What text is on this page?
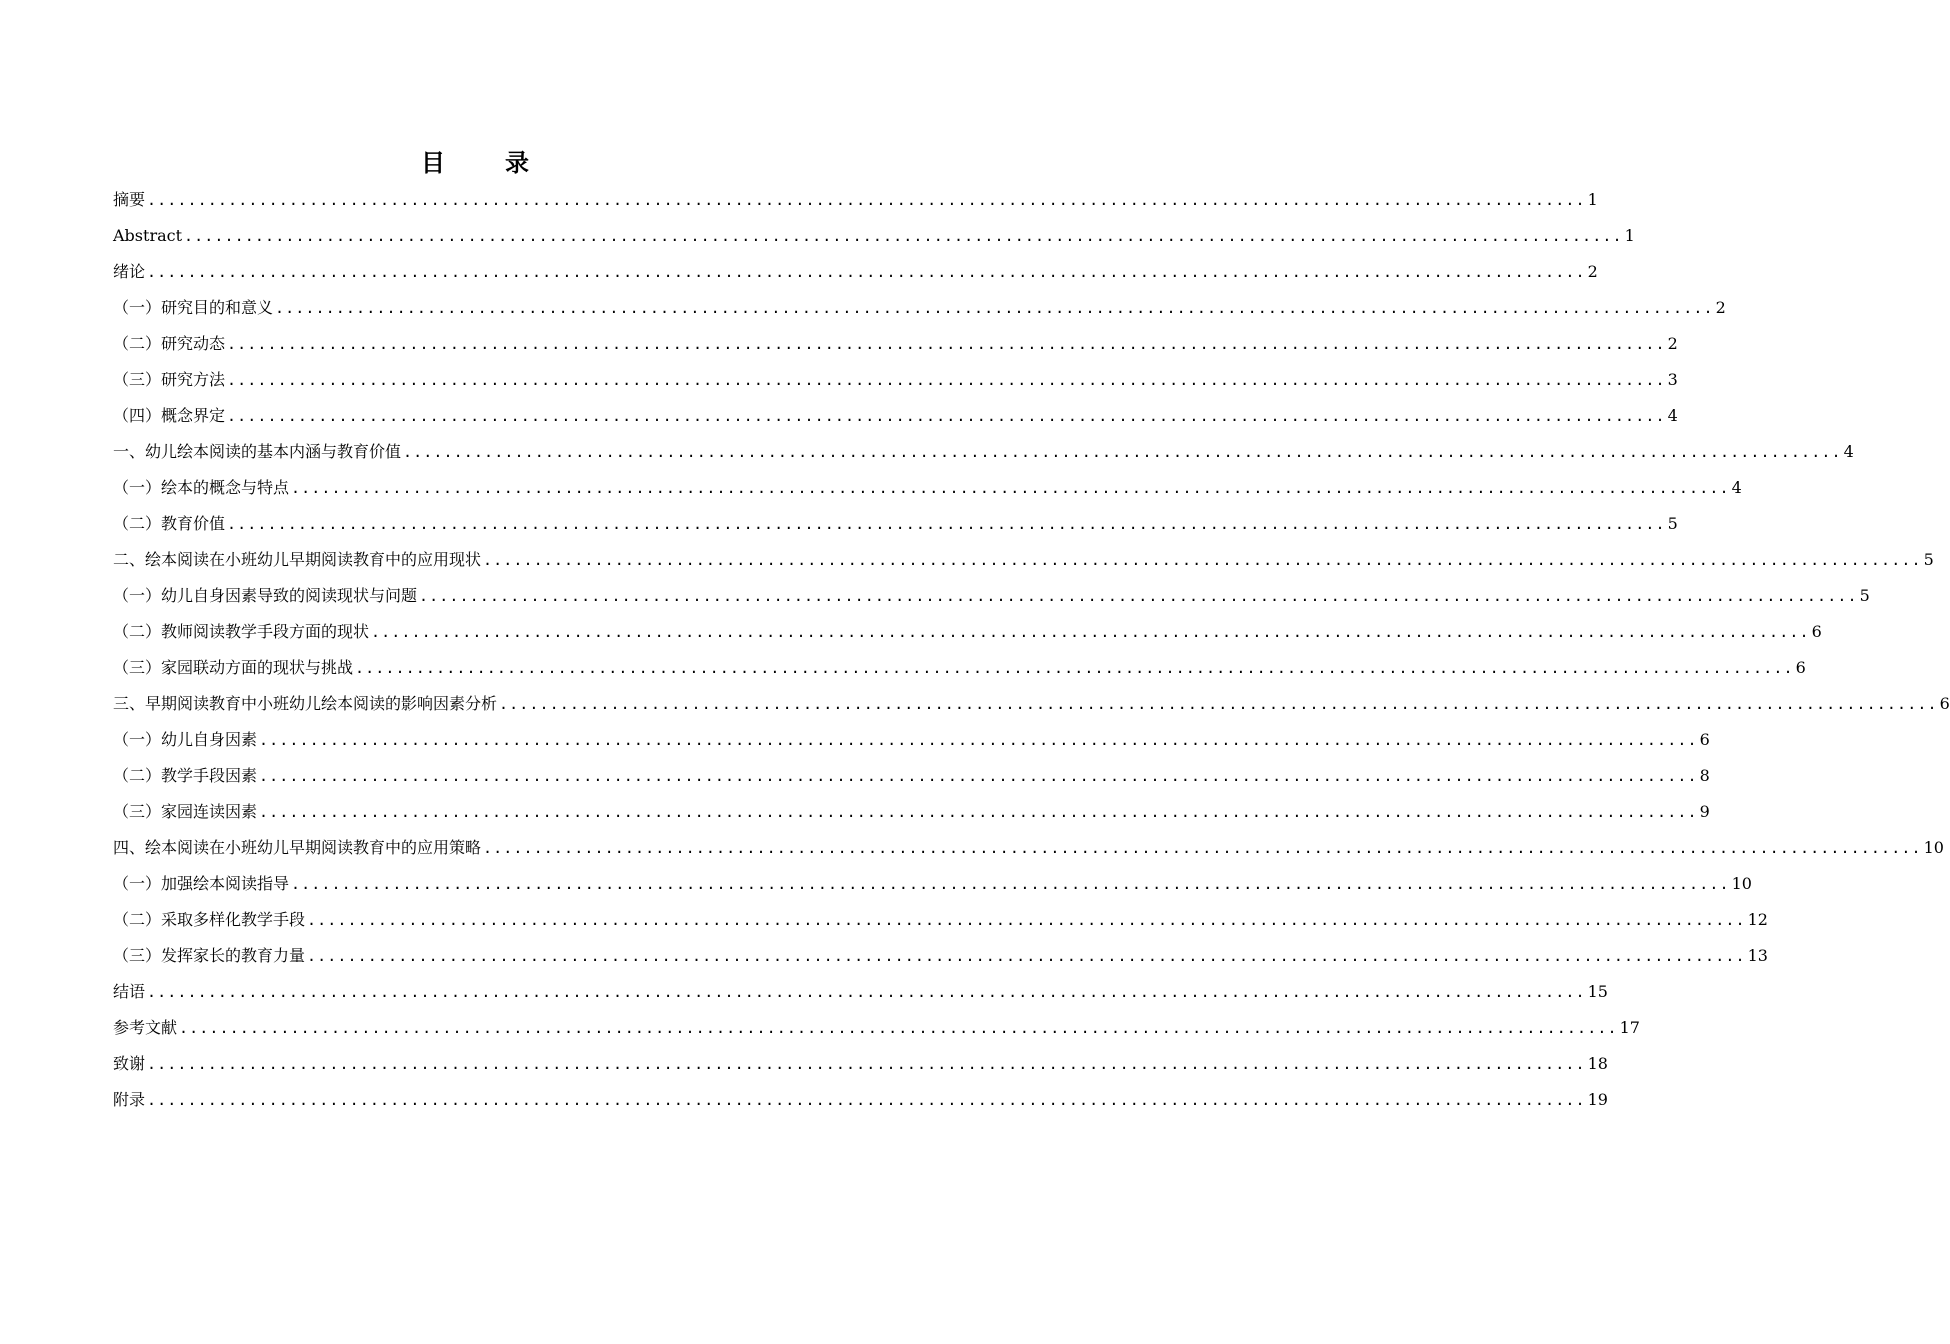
目　录
摘要 .............................................................................................................................................. 1
Abstract .............................................................................................................................................. 1
绪论 .............................................................................................................................................. 2
（一）研究目的和意义 .............................................................................................................................................. 2
（二）研究动态 .............................................................................................................................................. 2
（三）研究方法 .............................................................................................................................................. 3
（四）概念界定 .............................................................................................................................................. 4
一、幼儿绘本阅读的基本内涵与教育价值 .............................................................................................................................................. 4
（一）绘本的概念与特点 .............................................................................................................................................. 4
（二）教育价值 .............................................................................................................................................. 5
二、绘本阅读在小班幼儿早期阅读教育中的应用现状 .............................................................................................................................................. 5
（一）幼儿自身因素导致的阅读现状与问题 .............................................................................................................................................. 5
（二）教师阅读教学手段方面的现状 .............................................................................................................................................. 6
（三）家园联动方面的现状与挑战 .............................................................................................................................................. 6
三、早期阅读教育中小班幼儿绘本阅读的影响因素分析 .............................................................................................................................................. 6
（一）幼儿自身因素 .............................................................................................................................................. 6
（二）教学手段因素 .............................................................................................................................................. 8
（三）家园连读因素 .............................................................................................................................................. 9
四、绘本阅读在小班幼儿早期阅读教育中的应用策略 .............................................................................................................................................. 10
（一）加强绘本阅读指导 .............................................................................................................................................. 10
（二）采取多样化教学手段 .............................................................................................................................................. 12
（三）发挥家长的教育力量 .............................................................................................................................................. 13
结语 .............................................................................................................................................. 15
参考文献 .............................................................................................................................................. 17
致谢 .............................................................................................................................................. 18
附录 .............................................................................................................................................. 19
